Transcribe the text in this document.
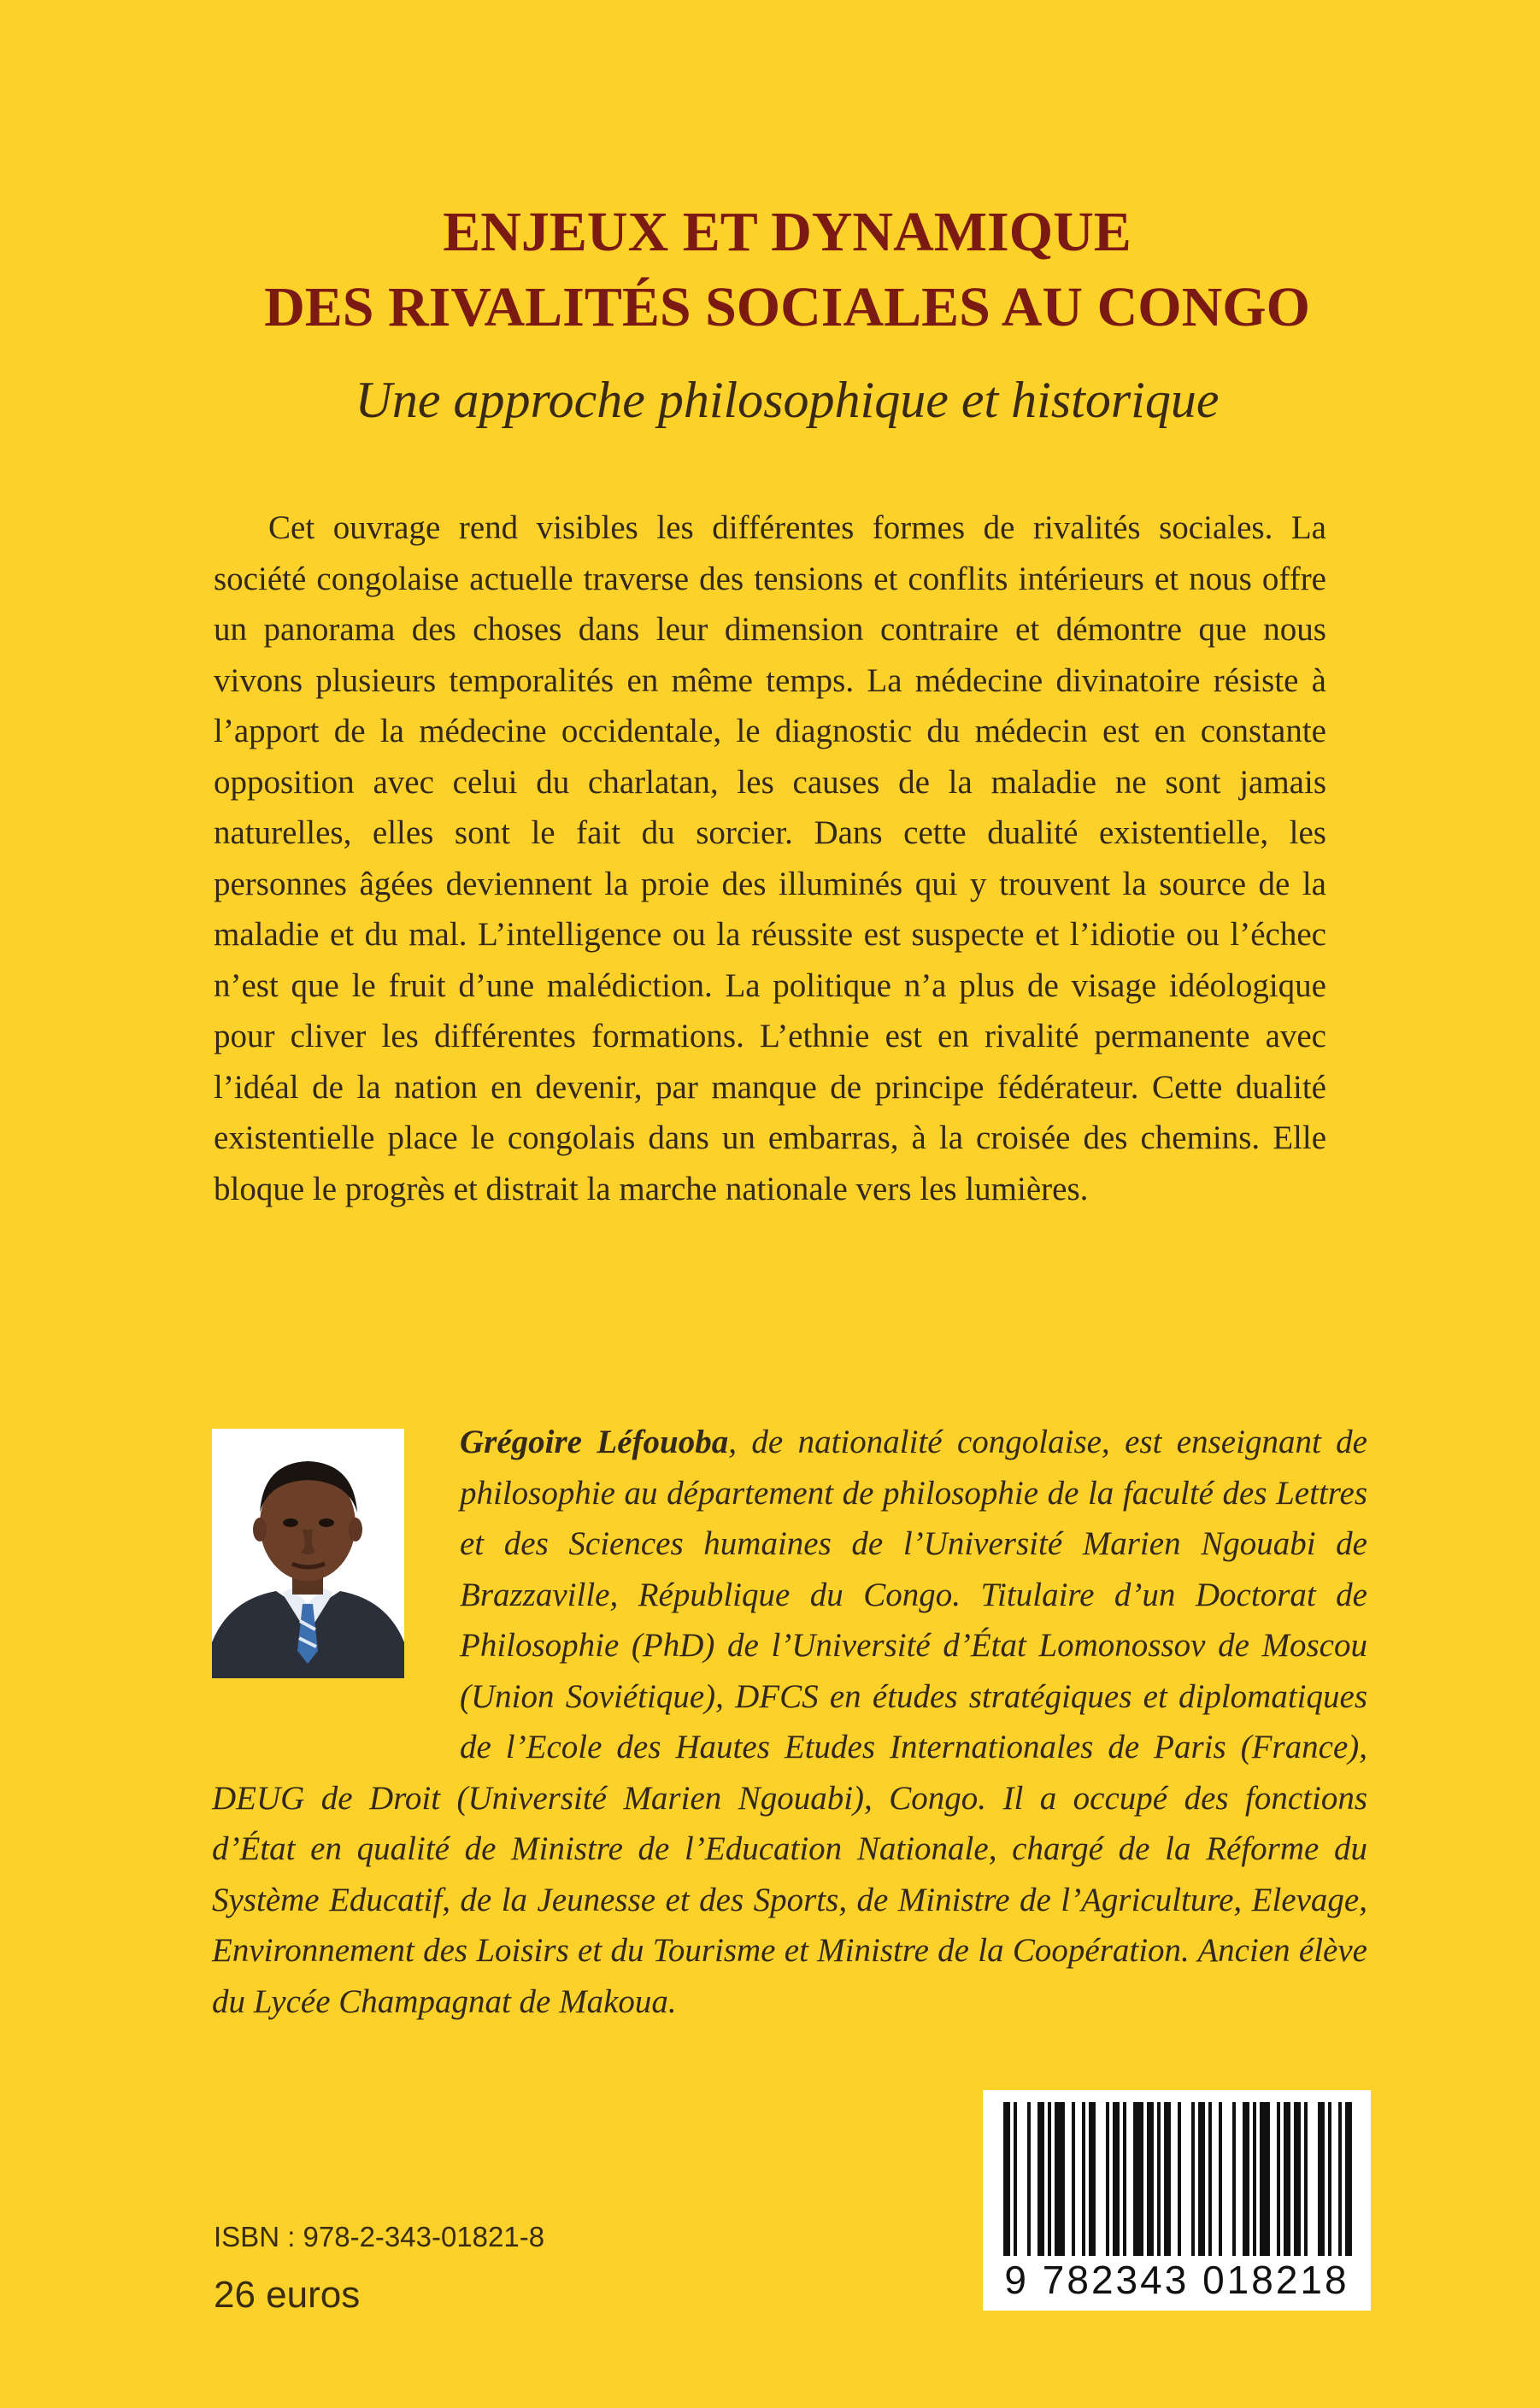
ENJEUX ET DYNAMIQUE
DES RIVALITÉS SOCIALES AU CONGO
Une approche philosophique et historique

Cet ouvrage rend visibles les différentes formes de rivalités sociales. La société congolaise actuelle traverse des tensions et conflits intérieurs et nous offre un panorama des choses dans leur dimension contraire et démontre que nous vivons plusieurs temporalités en même temps. La médecine divinatoire résiste à l’apport de la médecine occidentale, le diagnostic du médecin est en constante opposition avec celui du charlatan, les causes de la maladie ne sont jamais naturelles, elles sont le fait du sorcier. Dans cette dualité existentielle, les personnes âgées deviennent la proie des illuminés qui y trouvent la source de la maladie et du mal. L’intelligence ou la réussite est suspecte et l’idiotie ou l’échec n’est que le fruit d’une malédiction. La politique n’a plus de visage idéologique pour cliver les différentes formations. L’ethnie est en rivalité permanente avec l’idéal de la nation en devenir, par manque de principe fédérateur. Cette dualité existentielle place le congolais dans un embarras, à la croisée des chemins. Elle bloque le progrès et distrait la marche nationale vers les lumières.

Grégoire Léfouoba, de nationalité congolaise, est enseignant de philosophie au département de philosophie de la faculté des Lettres et des Sciences humaines de l’Université Marien Ngouabi de Brazzaville, République du Congo. Titulaire d’un Doctorat de Philosophie (PhD) de l’Université d’État Lomonossov de Moscou (Union Soviétique), DFCS en études stratégiques et diplomatiques de l’Ecole des Hautes Etudes Internationales de Paris (France), DEUG de Droit (Université Marien Ngouabi), Congo. Il a occupé des fonctions d’État en qualité de Ministre de l’Education Nationale, chargé de la Réforme du Système Educatif, de la Jeunesse et des Sports, de Ministre de l’Agriculture, Elevage, Environnement des Loisirs et du Tourisme et Ministre de la Coopération. Ancien élève du Lycée Champagnat de Makoua.

ISBN : 978-2-343-01821-8
26 euros	9 782343 018218
